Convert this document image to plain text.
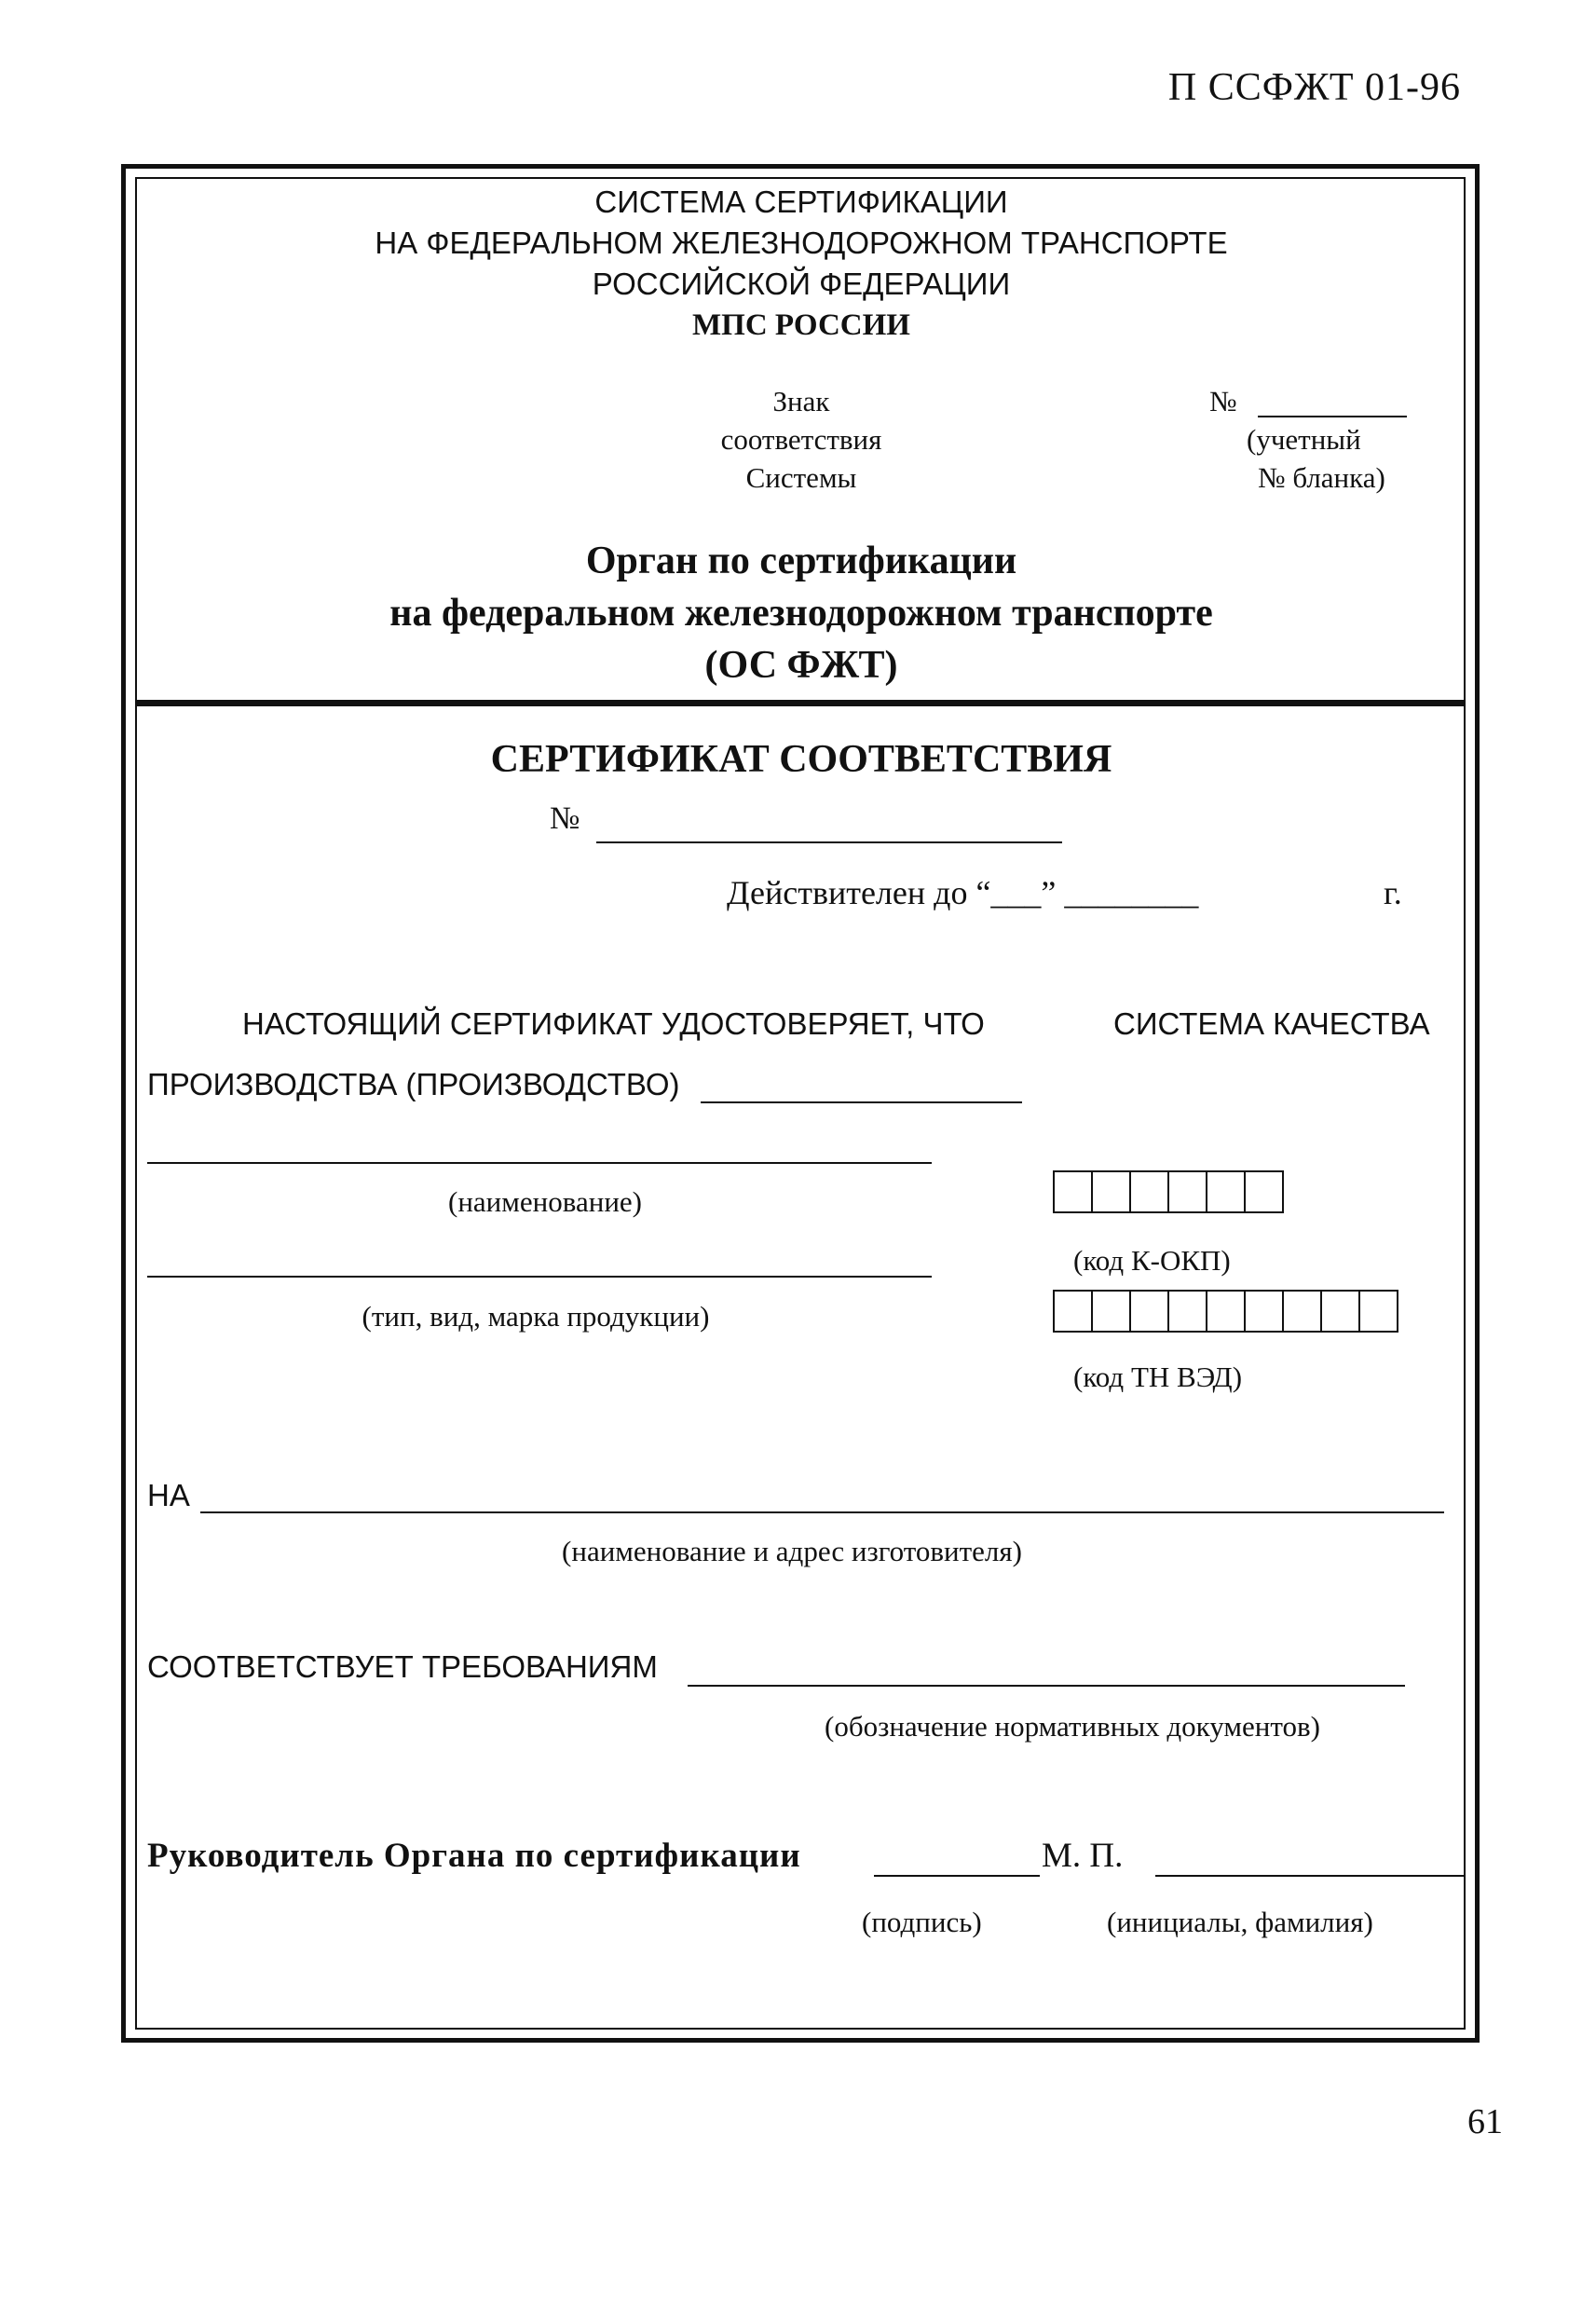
П ССФЖТ 01-96
СИСТЕМА СЕРТИФИКАЦИИ
НА ФЕДЕРАЛЬНОМ ЖЕЛЕЗНОДОРОЖНОМ ТРАНСПОРТЕ
РОССИЙСКОЙ ФЕДЕРАЦИИ
МПС РОССИИ
Знак
соответствия
Системы
№
(учетный
№ бланка)
Орган по сертификации
на федеральном железнодорожном транспорте
(ОС ФЖТ)
СЕРТИФИКАТ СООТВЕТСТВИЯ
№
Действителен до “___” ________	г.
НАСТОЯЩИЙ СЕРТИФИКАТ УДОСТОВЕРЯЕТ, ЧТО	СИСТЕМА КАЧЕСТВА
ПРОИЗВОДСТВА (ПРОИЗВОДСТВО)
(наименование)
(код К-ОКП)
(тип, вид, марка продукции)
(код ТН ВЭД)
НА
(наименование и адрес изготовителя)
СООТВЕТСТВУЕТ ТРЕБОВАНИЯМ
(обозначение нормативных документов)
Руководитель Органа по сертификации	М. П.
(подпись)	(инициалы, фамилия)
61
